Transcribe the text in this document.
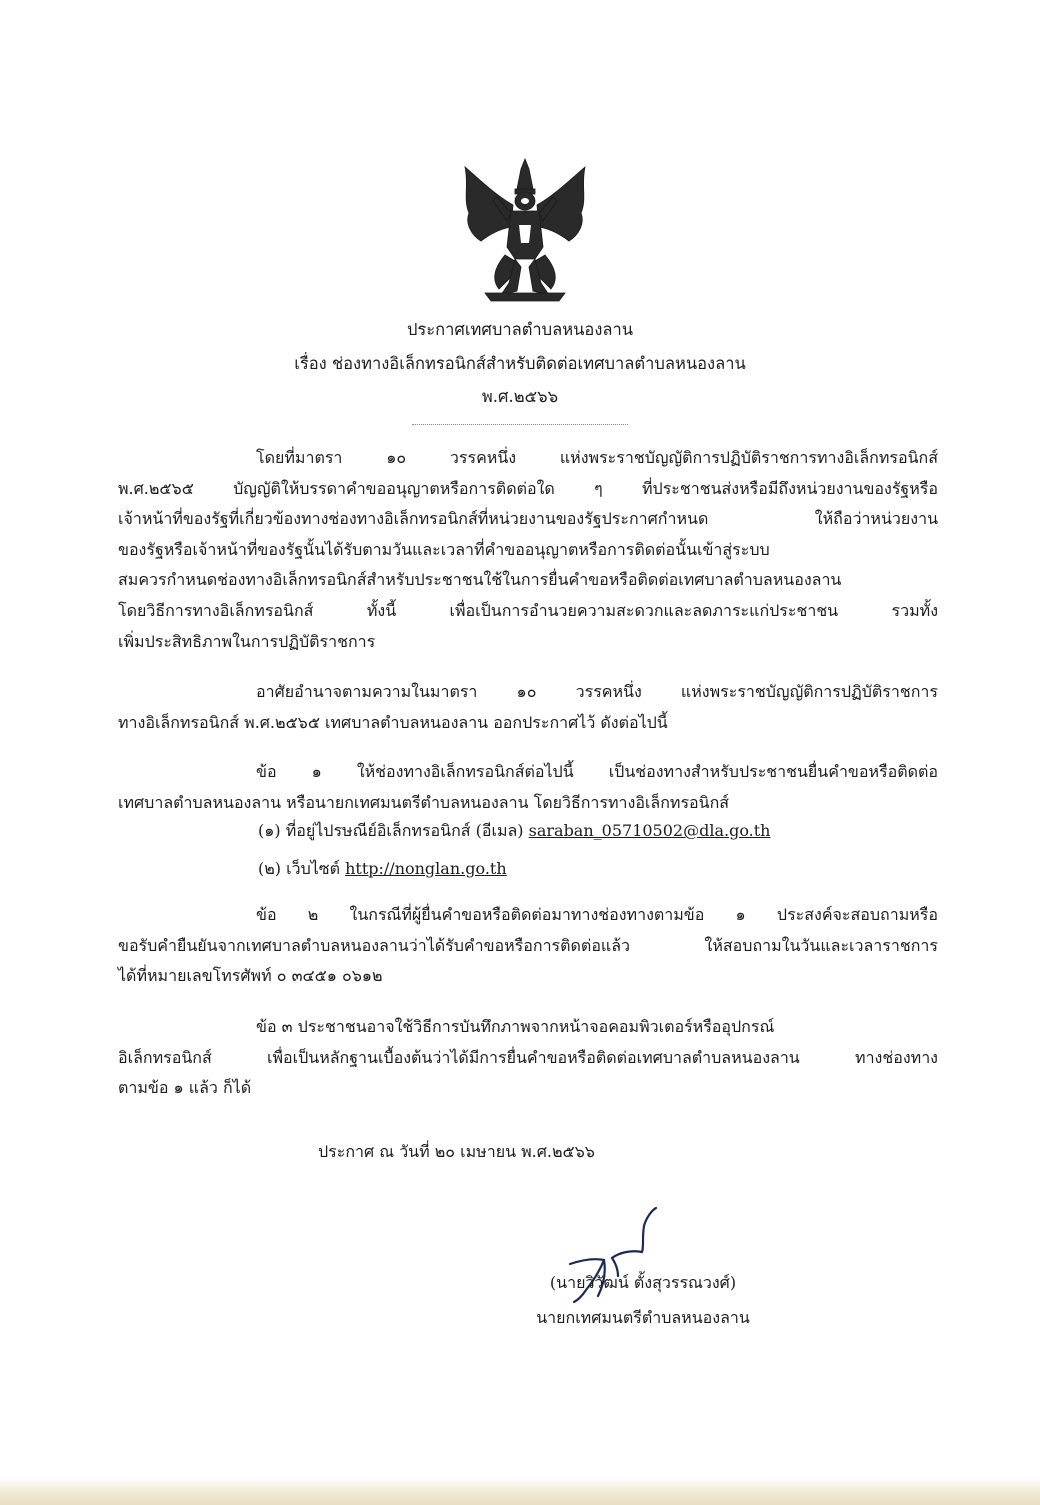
ประกาศเทศบาลตำบลหนองลาน
เรื่อง ช่องทางอิเล็กทรอนิกส์สำหรับติดต่อเทศบาลตำบลหนองลาน
พ.ศ.๒๕๖๖
โดยที่มาตรา ๑๐ วรรคหนึ่ง แห่งพระราชบัญญัติการปฏิบัติราชการทางอิเล็กทรอนิกส์
พ.ศ.๒๕๖๕ บัญญัติให้บรรดาคำขออนุญาตหรือการติดต่อใด ๆ ที่ประชาชนส่งหรือมีถึงหน่วยงานของรัฐหรือ
เจ้าหน้าที่ของรัฐที่เกี่ยวข้องทางช่องทางอิเล็กทรอนิกส์ที่หน่วยงานของรัฐประกาศกำหนด ให้ถือว่าหน่วยงาน
ของรัฐหรือเจ้าหน้าที่ของรัฐนั้นได้รับตามวันและเวลาที่คำขออนุญาตหรือการติดต่อนั้นเข้าสู่ระบบ
สมควรกำหนดช่องทางอิเล็กทรอนิกส์สำหรับประชาชนใช้ในการยื่นคำขอหรือติดต่อเทศบาลตำบลหนองลาน
โดยวิธีการทางอิเล็กทรอนิกส์ ทั้งนี้ เพื่อเป็นการอำนวยความสะดวกและลดภาระแก่ประชาชน รวมทั้ง
เพิ่มประสิทธิภาพในการปฏิบัติราชการ
อาศัยอำนาจตามความในมาตรา ๑๐ วรรคหนึ่ง แห่งพระราชบัญญัติการปฏิบัติราชการ
ทางอิเล็กทรอนิกส์ พ.ศ.๒๕๖๕ เทศบาลตำบลหนองลาน ออกประกาศไว้ ดังต่อไปนี้
ข้อ ๑ ให้ช่องทางอิเล็กทรอนิกส์ต่อไปนี้ เป็นช่องทางสำหรับประชาชนยื่นคำขอหรือติดต่อ
เทศบาลตำบลหนองลาน หรือนายกเทศมนตรีตำบลหนองลาน โดยวิธีการทางอิเล็กทรอนิกส์
(๑) ที่อยู่ไปรษณีย์อิเล็กทรอนิกส์ (อีเมล) saraban_05710502@dla.go.th
(๒) เว็บไซต์ http://nonglan.go.th
ข้อ ๒ ในกรณีที่ผู้ยื่นคำขอหรือติดต่อมาทางช่องทางตามข้อ ๑ ประสงค์จะสอบถามหรือ
ขอรับคำยืนยันจากเทศบาลตำบลหนองลานว่าได้รับคำขอหรือการติดต่อแล้ว ให้สอบถามในวันและเวลาราชการ
ได้ที่หมายเลขโทรศัพท์ ๐ ๓๔๕๑ ๐๖๑๒
ข้อ ๓ ประชาชนอาจใช้วิธีการบันทึกภาพจากหน้าจอคอมพิวเตอร์หรืออุปกรณ์
อิเล็กทรอนิกส์ เพื่อเป็นหลักฐานเบื้องต้นว่าได้มีการยื่นคำขอหรือติดต่อเทศบาลตำบลหนองลาน ทางช่องทาง
ตามข้อ ๑ แล้ว ก็ได้
ประกาศ ณ วันที่ ๒๐ เมษายน พ.ศ.๒๕๖๖
(นายวิวัฒน์ ตั้งสุวรรณวงศ์)
นายกเทศมนตรีตำบลหนองลาน
